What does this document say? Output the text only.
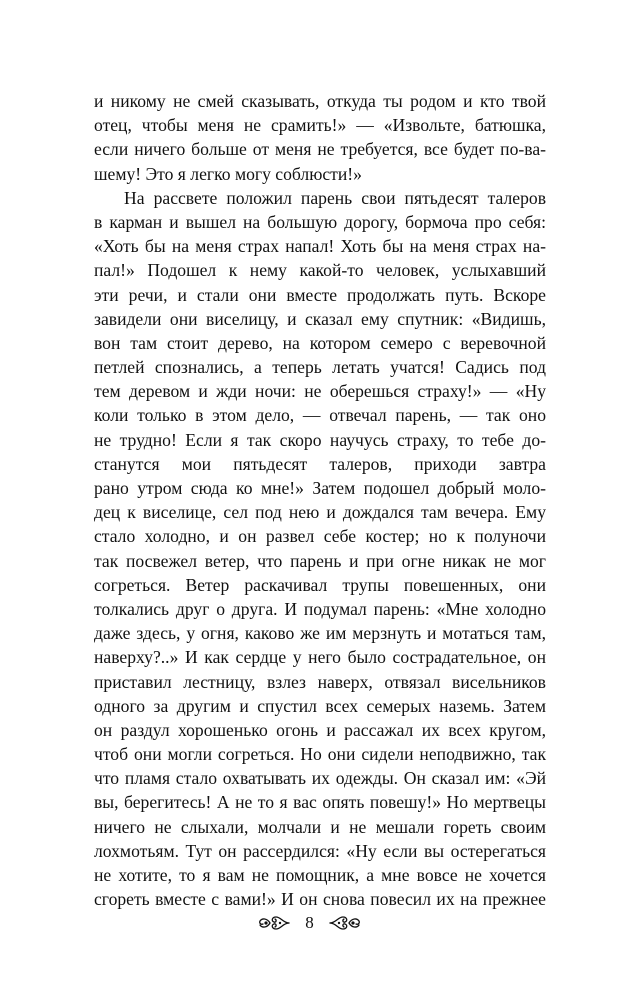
и никому не смей сказывать, откуда ты родом и кто твой
отец, чтобы меня не срамить!» — «Извольте, батюшка,
если ничего больше от меня не требуется, все будет по-ва-
шему! Это я легко могу соблюсти!»
На рассвете положил парень свои пятьдесят талеров
в карман и вышел на большую дорогу, бормоча про себя:
«Хоть бы на меня страх напал! Хоть бы на меня страх на-
пал!» Подошел к нему какой-то человек, услыхавший
эти речи, и стали они вместе продолжать путь. Вскоре
завидели они виселицу, и сказал ему спутник: «Видишь,
вон там стоит дерево, на котором семеро с веревочной
петлей спознались, а теперь летать учатся! Садись под
тем деревом и жди ночи: не оберешься страху!» — «Ну
коли только в этом дело, — отвечал парень, — так оно
не трудно! Если я так скоро научусь страху, то тебе до-
станутся мои пятьдесят талеров, приходи завтра
рано утром сюда ко мне!» Затем подошел добрый моло-
дец к виселице, сел под нею и дождался там вечера. Ему
стало холодно, и он развел себе костер; но к полуночи
так посвежел ветер, что парень и при огне никак не мог
согреться. Ветер раскачивал трупы повешенных, они
толкались друг о друга. И подумал парень: «Мне холодно
даже здесь, у огня, каково же им мерзнуть и мотаться там,
наверху?..» И как сердце у него было сострадательное, он
приставил лестницу, взлез наверх, отвязал висельников
одного за другим и спустил всех семерых наземь. Затем
он раздул хорошенько огонь и рассажал их всех кругом,
чтоб они могли согреться. Но они сидели неподвижно, так
что пламя стало охватывать их одежды. Он сказал им: «Эй
вы, берегитесь! А не то я вас опять повешу!» Но мертвецы
ничего не слыхали, молчали и не мешали гореть своим
лохмотьям. Тут он рассердился: «Ну если вы остерегаться
не хотите, то я вам не помощник, а мне вовсе не хочется
сгореть вместе с вами!» И он снова повесил их на прежнее
8
